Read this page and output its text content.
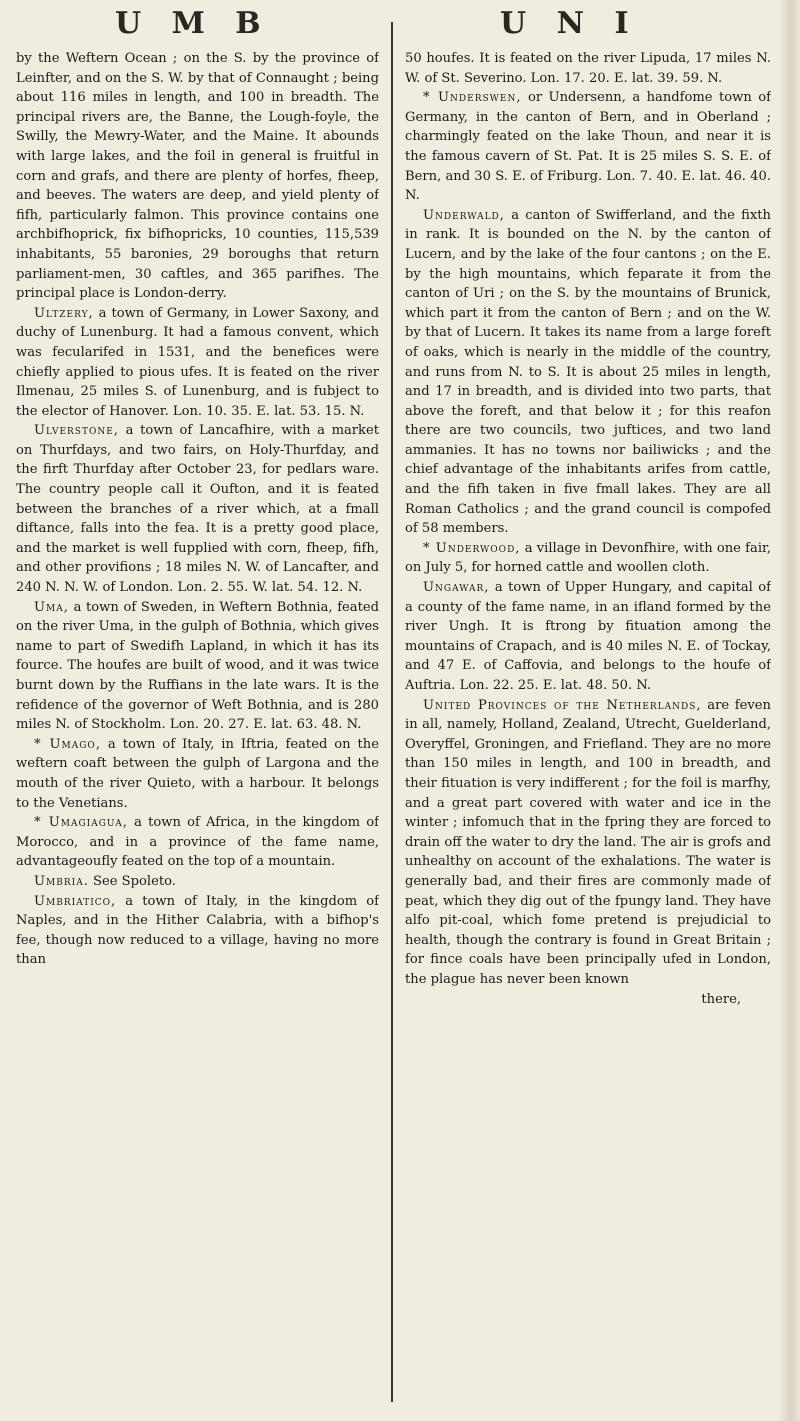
U M B	U N I

by the Weftern Ocean ; on the S. by the province of Leinfter, and on the S. W. by that of Connaught ; being about 116 miles in length, and 100 in breadth. The principal rivers are, the Banne, the Lough-foyle, the Swilly, the Mewry-Water, and the Maine. It abounds with large lakes, and the foil in general is fruitful in corn and grafs, and there are plenty of horfes, fheep, and beeves. The waters are deep, and yield plenty of fifh, particularly falmon. This province contains one archbifhoprick, fix bifhopricks, 10 counties, 115,539 inhabitants, 55 baronies, 29 boroughs that return parliament-men, 30 caftles, and 365 parifhes. The principal place is London-derry.

Ultzery, a town of Germany, in Lower Saxony, and duchy of Lunenburg. It had a famous convent, which was fecularifed in 1531, and the benefices were chiefly applied to pious ufes. It is feated on the river Ilmenau, 25 miles S. of Lunenburg, and is fubject to the elector of Hanover. Lon. 10. 35. E. lat. 53. 15. N.

Ulverstone, a town of Lancafhire, with a market on Thurfdays, and two fairs, on Holy-Thurfday, and the firft Thurfday after October 23, for pedlars ware. The country people call it Oufton, and it is feated between the branches of a river which, at a fmall diftance, falls into the fea. It is a pretty good place, and the market is well fupplied with corn, fheep, fifh, and other provifions ; 18 miles N. W. of Lancafter, and 240 N. N. W. of London. Lon. 2. 55. W. lat. 54. 12. N.

Uma, a town of Sweden, in Weftern Bothnia, feated on the river Uma, in the gulph of Bothnia, which gives name to part of Swedifh Lapland, in which it has its fource. The houfes are built of wood, and it was twice burnt down by the Ruffians in the late wars. It is the refidence of the governor of Weft Bothnia, and is 280 miles N. of Stockholm. Lon. 20. 27. E. lat. 63. 48. N.

* Umago, a town of Italy, in Iftria, feated on the weftern coaft between the gulph of Largona and the mouth of the river Quieto, with a harbour. It belongs to the Venetians.

* Umagiagua, a town of Africa, in the kingdom of Morocco, and in a province of the fame name, advantageoufly feated on the top of a mountain.

Umbria. See Spoleto.

Umbriatico, a town of Italy, in the kingdom of Naples, and in the Hither Calabria, with a bifhop's fee, though now reduced to a village, having no more than

50 houfes. It is feated on the river Lipuda, 17 miles N. W. of St. Severino. Lon. 17. 20. E. lat. 39. 59. N.

* Underswen, or Undersenn, a handfome town of Germany, in the canton of Bern, and in Oberland ; charmingly feated on the lake Thoun, and near it is the famous cavern of St. Pat. It is 25 miles S. S. E. of Bern, and 30 S. E. of Friburg. Lon. 7. 40. E. lat. 46. 40. N.

Underwald, a canton of Swifferland, and the fixth in rank. It is bounded on the N. by the canton of Lucern, and by the lake of the four cantons ; on the E. by the high mountains, which feparate it from the canton of Uri ; on the S. by the mountains of Brunick, which part it from the canton of Bern ; and on the W. by that of Lucern. It takes its name from a large foreft of oaks, which is nearly in the middle of the country, and runs from N. to S. It is about 25 miles in length, and 17 in breadth, and is divided into two parts, that above the foreft, and that below it ; for this reafon there are two councils, two juftices, and two land ammanies. It has no towns nor bailiwicks ; and the chief advantage of the inhabitants arifes from cattle, and the fifh taken in five fmall lakes. They are all Roman Catholics ; and the grand council is compofed of 58 members.

* Underwood, a village in Devonfhire, with one fair, on July 5, for horned cattle and woollen cloth.

Ungawar, a town of Upper Hungary, and capital of a county of the fame name, in an ifland formed by the river Ungh. It is ftrong by fituation among the mountains of Crapach, and is 40 miles N. E. of Tockay, and 47 E. of Caffovia, and belongs to the houfe of Auftria. Lon. 22. 25. E. lat. 48. 50. N.

United Provinces of the Netherlands, are feven in all, namely, Holland, Zealand, Utrecht, Guelderland, Overyffel, Groningen, and Friefland. They are no more than 150 miles in length, and 100 in breadth, and their fituation is very indifferent ; for the foil is marfhy, and a great part covered with water and ice in the winter ; infomuch that in the fpring they are forced to drain off the water to dry the land. The air is grofs and unhealthy on account of the exhalations. The water is generally bad, and their fires are commonly made of peat, which they dig out of the fpungy land. They have alfo pit-coal, which fome pretend is prejudicial to health, though the contrary is found in Great Britain ; for fince coals have been principally ufed in London, the plague has never been known

there,
